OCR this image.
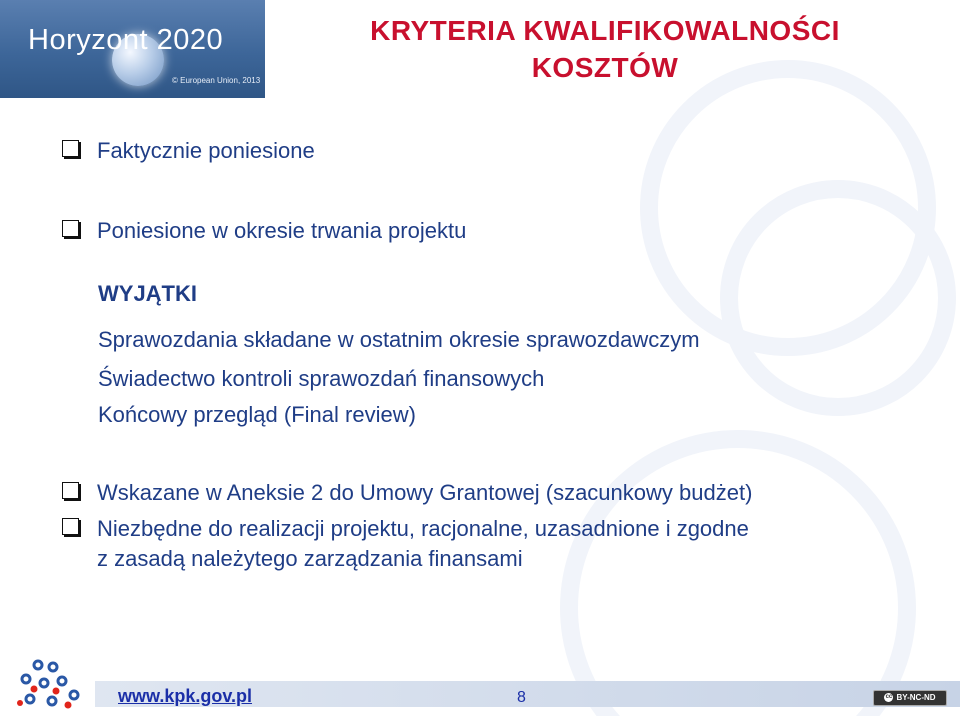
Horyzont 2020
© European Union, 2013
KRYTERIA KWALIFIKOWALNOŚCI
KOSZTÓW
Faktycznie poniesione
Poniesione w okresie trwania projektu
WYJĄTKI
Sprawozdania składane w ostatnim okresie sprawozdawczym
Świadectwo kontroli sprawozdań finansowych
Końcowy przegląd (Final review)
Wskazane w Aneksie 2 do Umowy Grantowej (szacunkowy budżet)
Niezbędne do realizacji projektu, racjonalne, uzasadnione i zgodne
z zasadą należytego zarządzania finansami
www.kpk.gov.pl	8	cc BY-NC-ND
